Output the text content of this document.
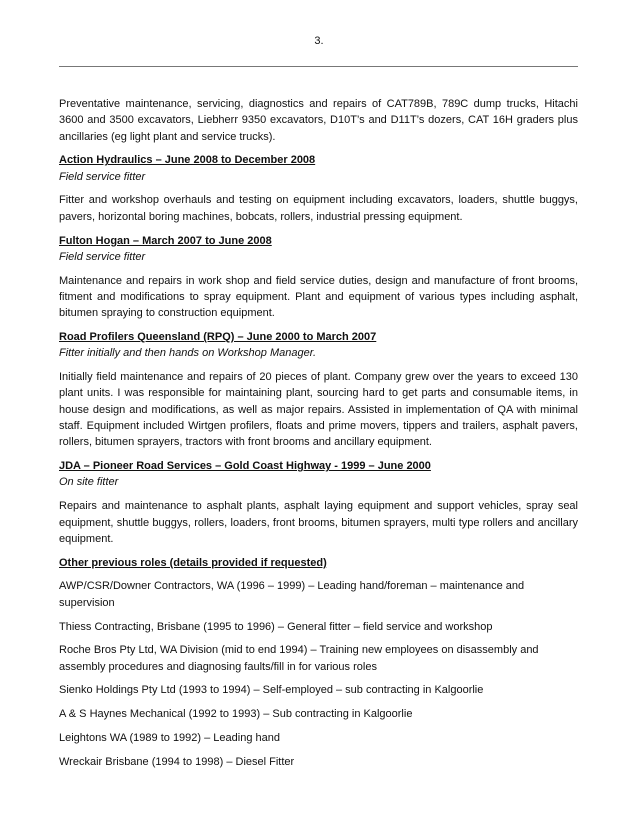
3.

Preventative maintenance, servicing, diagnostics and repairs of CAT789B, 789C dump trucks, Hitachi 3600 and 3500 excavators, Liebherr 9350 excavators, D10T’s and D11T’s dozers, CAT 16H graders plus ancillaries (eg light plant and service trucks).

Action Hydraulics – June 2008 to December 2008

Field service fitter

Fitter and workshop overhauls and testing on equipment including excavators, loaders, shuttle buggys, pavers, horizontal boring machines, bobcats, rollers, industrial pressing equipment.

Fulton Hogan – March 2007 to June 2008

Field service fitter

Maintenance and repairs in work shop and field service duties, design and manufacture of front brooms, fitment and modifications to spray equipment. Plant and equipment of various types including asphalt, bitumen spraying to construction equipment.

Road Profilers Queensland (RPQ) – June 2000 to March 2007

Fitter initially and then hands on Workshop Manager.

Initially field maintenance and repairs of 20 pieces of plant. Company grew over the years to exceed 130 plant units. I was responsible for maintaining plant, sourcing hard to get parts and consumable items, in house design and modifications, as well as major repairs. Assisted in implementation of QA with minimal staff. Equipment included Wirtgen profilers, floats and prime movers, tippers and trailers, asphalt pavers, rollers, bitumen sprayers, tractors with front brooms and ancillary equipment.

JDA – Pioneer Road Services – Gold Coast Highway - 1999 – June 2000

On site fitter

Repairs and maintenance to asphalt plants, asphalt laying equipment and support vehicles, spray seal equipment, shuttle buggys, rollers, loaders, front brooms, bitumen sprayers, multi type rollers and ancillary equipment.

Other previous roles (details provided if requested)

AWP/CSR/Downer Contractors, WA (1996 – 1999) – Leading hand/foreman – maintenance and supervision

Thiess Contracting, Brisbane (1995 to 1996) – General fitter – field service and workshop

Roche Bros Pty Ltd, WA Division (mid to end 1994) – Training new employees on disassembly and assembly procedures and diagnosing faults/fill in for various roles

Sienko Holdings Pty Ltd (1993 to 1994) – Self-employed – sub contracting in Kalgoorlie

A & S Haynes Mechanical (1992 to 1993) – Sub contracting in Kalgoorlie

Leightons WA (1989 to 1992) – Leading hand

Wreckair Brisbane (1994 to 1998) – Diesel Fitter
